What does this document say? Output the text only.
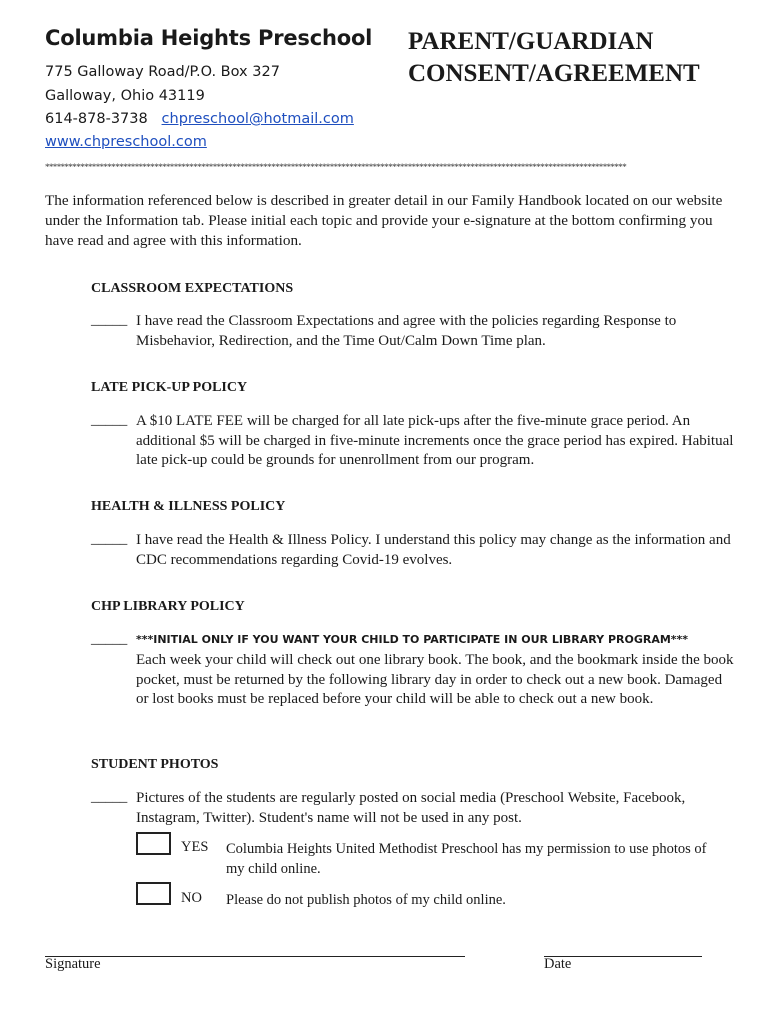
Columbia Heights Preschool
775 Galloway Road/P.O. Box 327
Galloway, Ohio 43119
614-878-3738 chpreschool@hotmail.com
www.chpreschool.com
PARENT/GUARDIAN
CONSENT/AGREEMENT
*****************************************************************************************************************************************************
The information referenced below is described in greater detail in our Family Handbook located on our website under the Information tab. Please initial each topic and provide your e-signature at the bottom confirming you have read and agree with this information.
CLASSROOM EXPECTATIONS
_____ I have read the Classroom Expectations and agree with the policies regarding Response to Misbehavior, Redirection, and the Time Out/Calm Down Time plan.
LATE PICK-UP POLICY
_____ A $10 LATE FEE will be charged for all late pick-ups after the five-minute grace period. An additional $5 will be charged in five-minute increments once the grace period has expired. Habitual late pick-up could be grounds for unenrollment from our program.
HEALTH & ILLNESS POLICY
_____ I have read the Health & Illness Policy. I understand this policy may change as the information and CDC recommendations regarding Covid-19 evolves.
CHP LIBRARY POLICY
_____ ***INITIAL ONLY IF YOU WANT YOUR CHILD TO PARTICIPATE IN OUR LIBRARY PROGRAM***
Each week your child will check out one library book. The book, and the bookmark inside the book pocket, must be returned by the following library day in order to check out a new book. Damaged or lost books must be replaced before your child will be able to check out a new book.
STUDENT PHOTOS
_____ Pictures of the students are regularly posted on social media (Preschool Website, Facebook, Instagram, Twitter). Student's name will not be used in any post.
YES Columbia Heights United Methodist Preschool has my permission to use photos of my child online.
NO Please do not publish photos of my child online.
Signature	Date
